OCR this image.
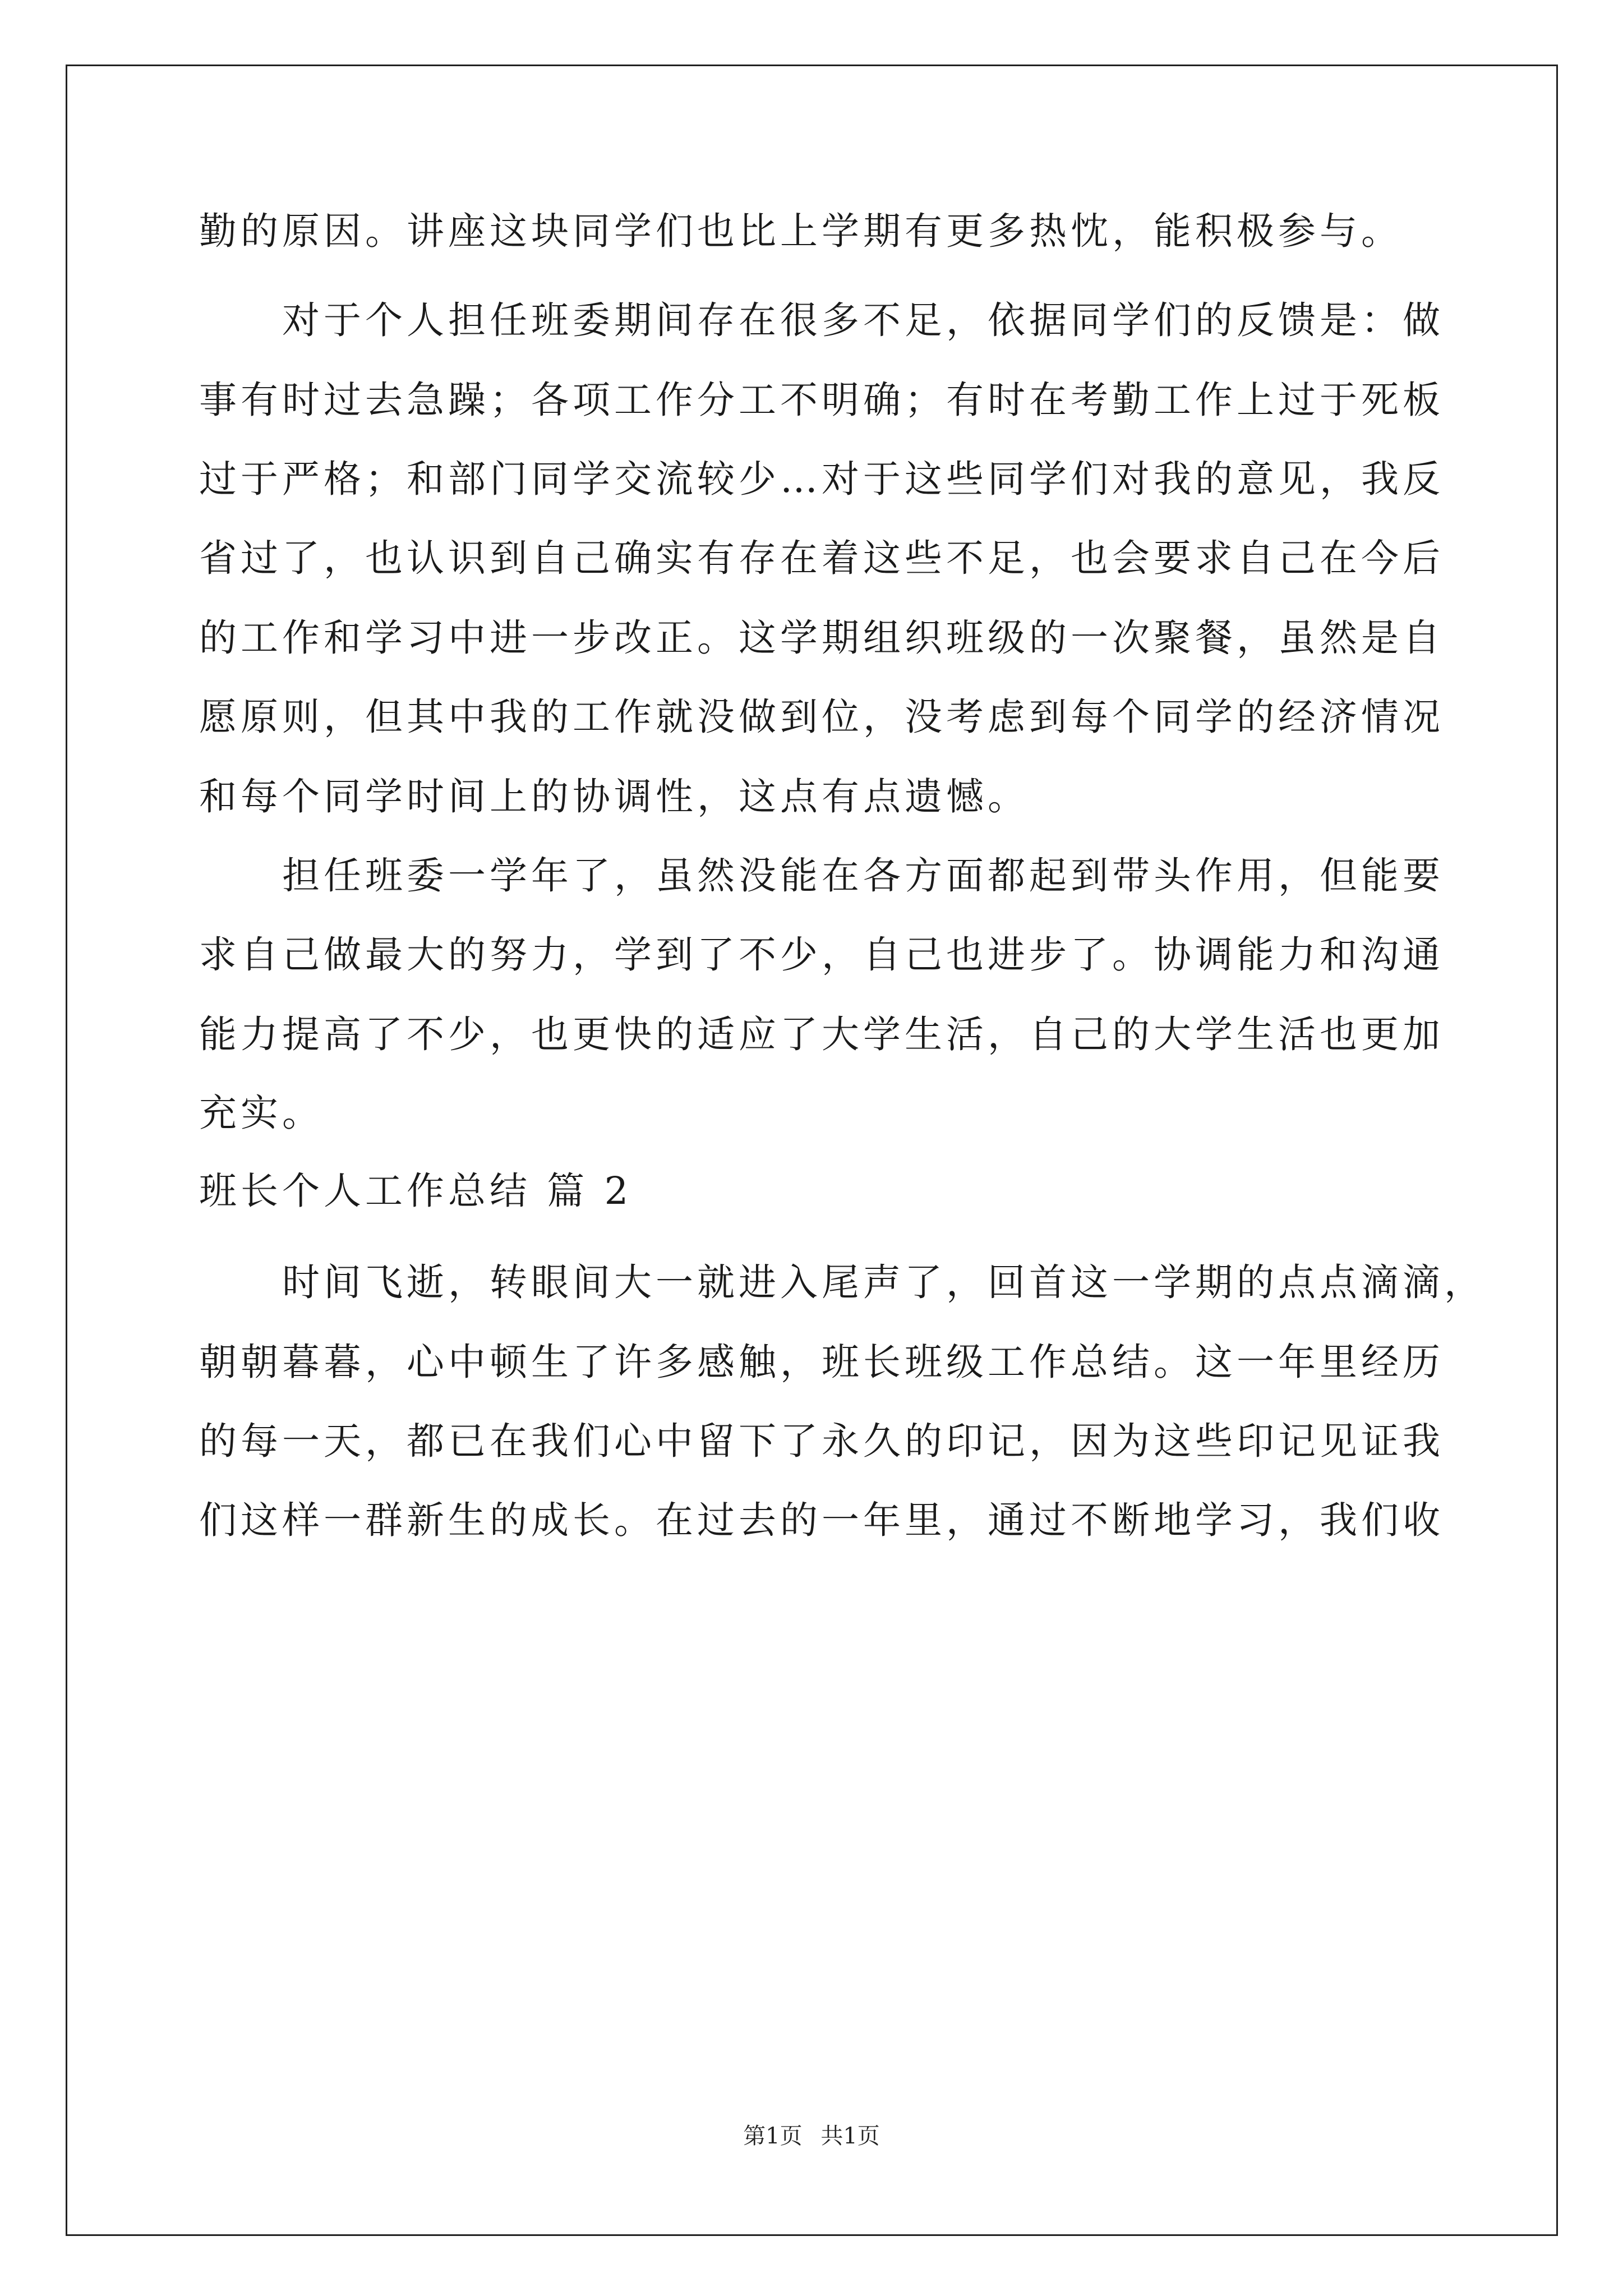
勤的原因。讲座这块同学们也比上学期有更多热忱，能积极参与。
对于个人担任班委期间存在很多不足，依据同学们的反馈是：做
事有时过去急躁；各项工作分工不明确；有时在考勤工作上过于死板
过于严格；和部门同学交流较少…对于这些同学们对我的意见，我反
省过了，也认识到自己确实有存在着这些不足，也会要求自己在今后
的工作和学习中进一步改正。这学期组织班级的一次聚餐，虽然是自
愿原则，但其中我的工作就没做到位，没考虑到每个同学的经济情况
和每个同学时间上的协调性，这点有点遗憾。
担任班委一学年了，虽然没能在各方面都起到带头作用，但能要
求自己做最大的努力，学到了不少，自己也进步了。协调能力和沟通
能力提高了不少，也更快的适应了大学生活，自己的大学生活也更加
充实。
班长个人工作总结 篇 2
时间飞逝，转眼间大一就进入尾声了，回首这一学期的点点滴滴，
朝朝暮暮，心中顿生了许多感触，班长班级工作总结。这一年里经历
的每一天，都已在我们心中留下了永久的印记，因为这些印记见证我
们这样一群新生的成长。在过去的一年里，通过不断地学习，我们收
第1页 共1页
